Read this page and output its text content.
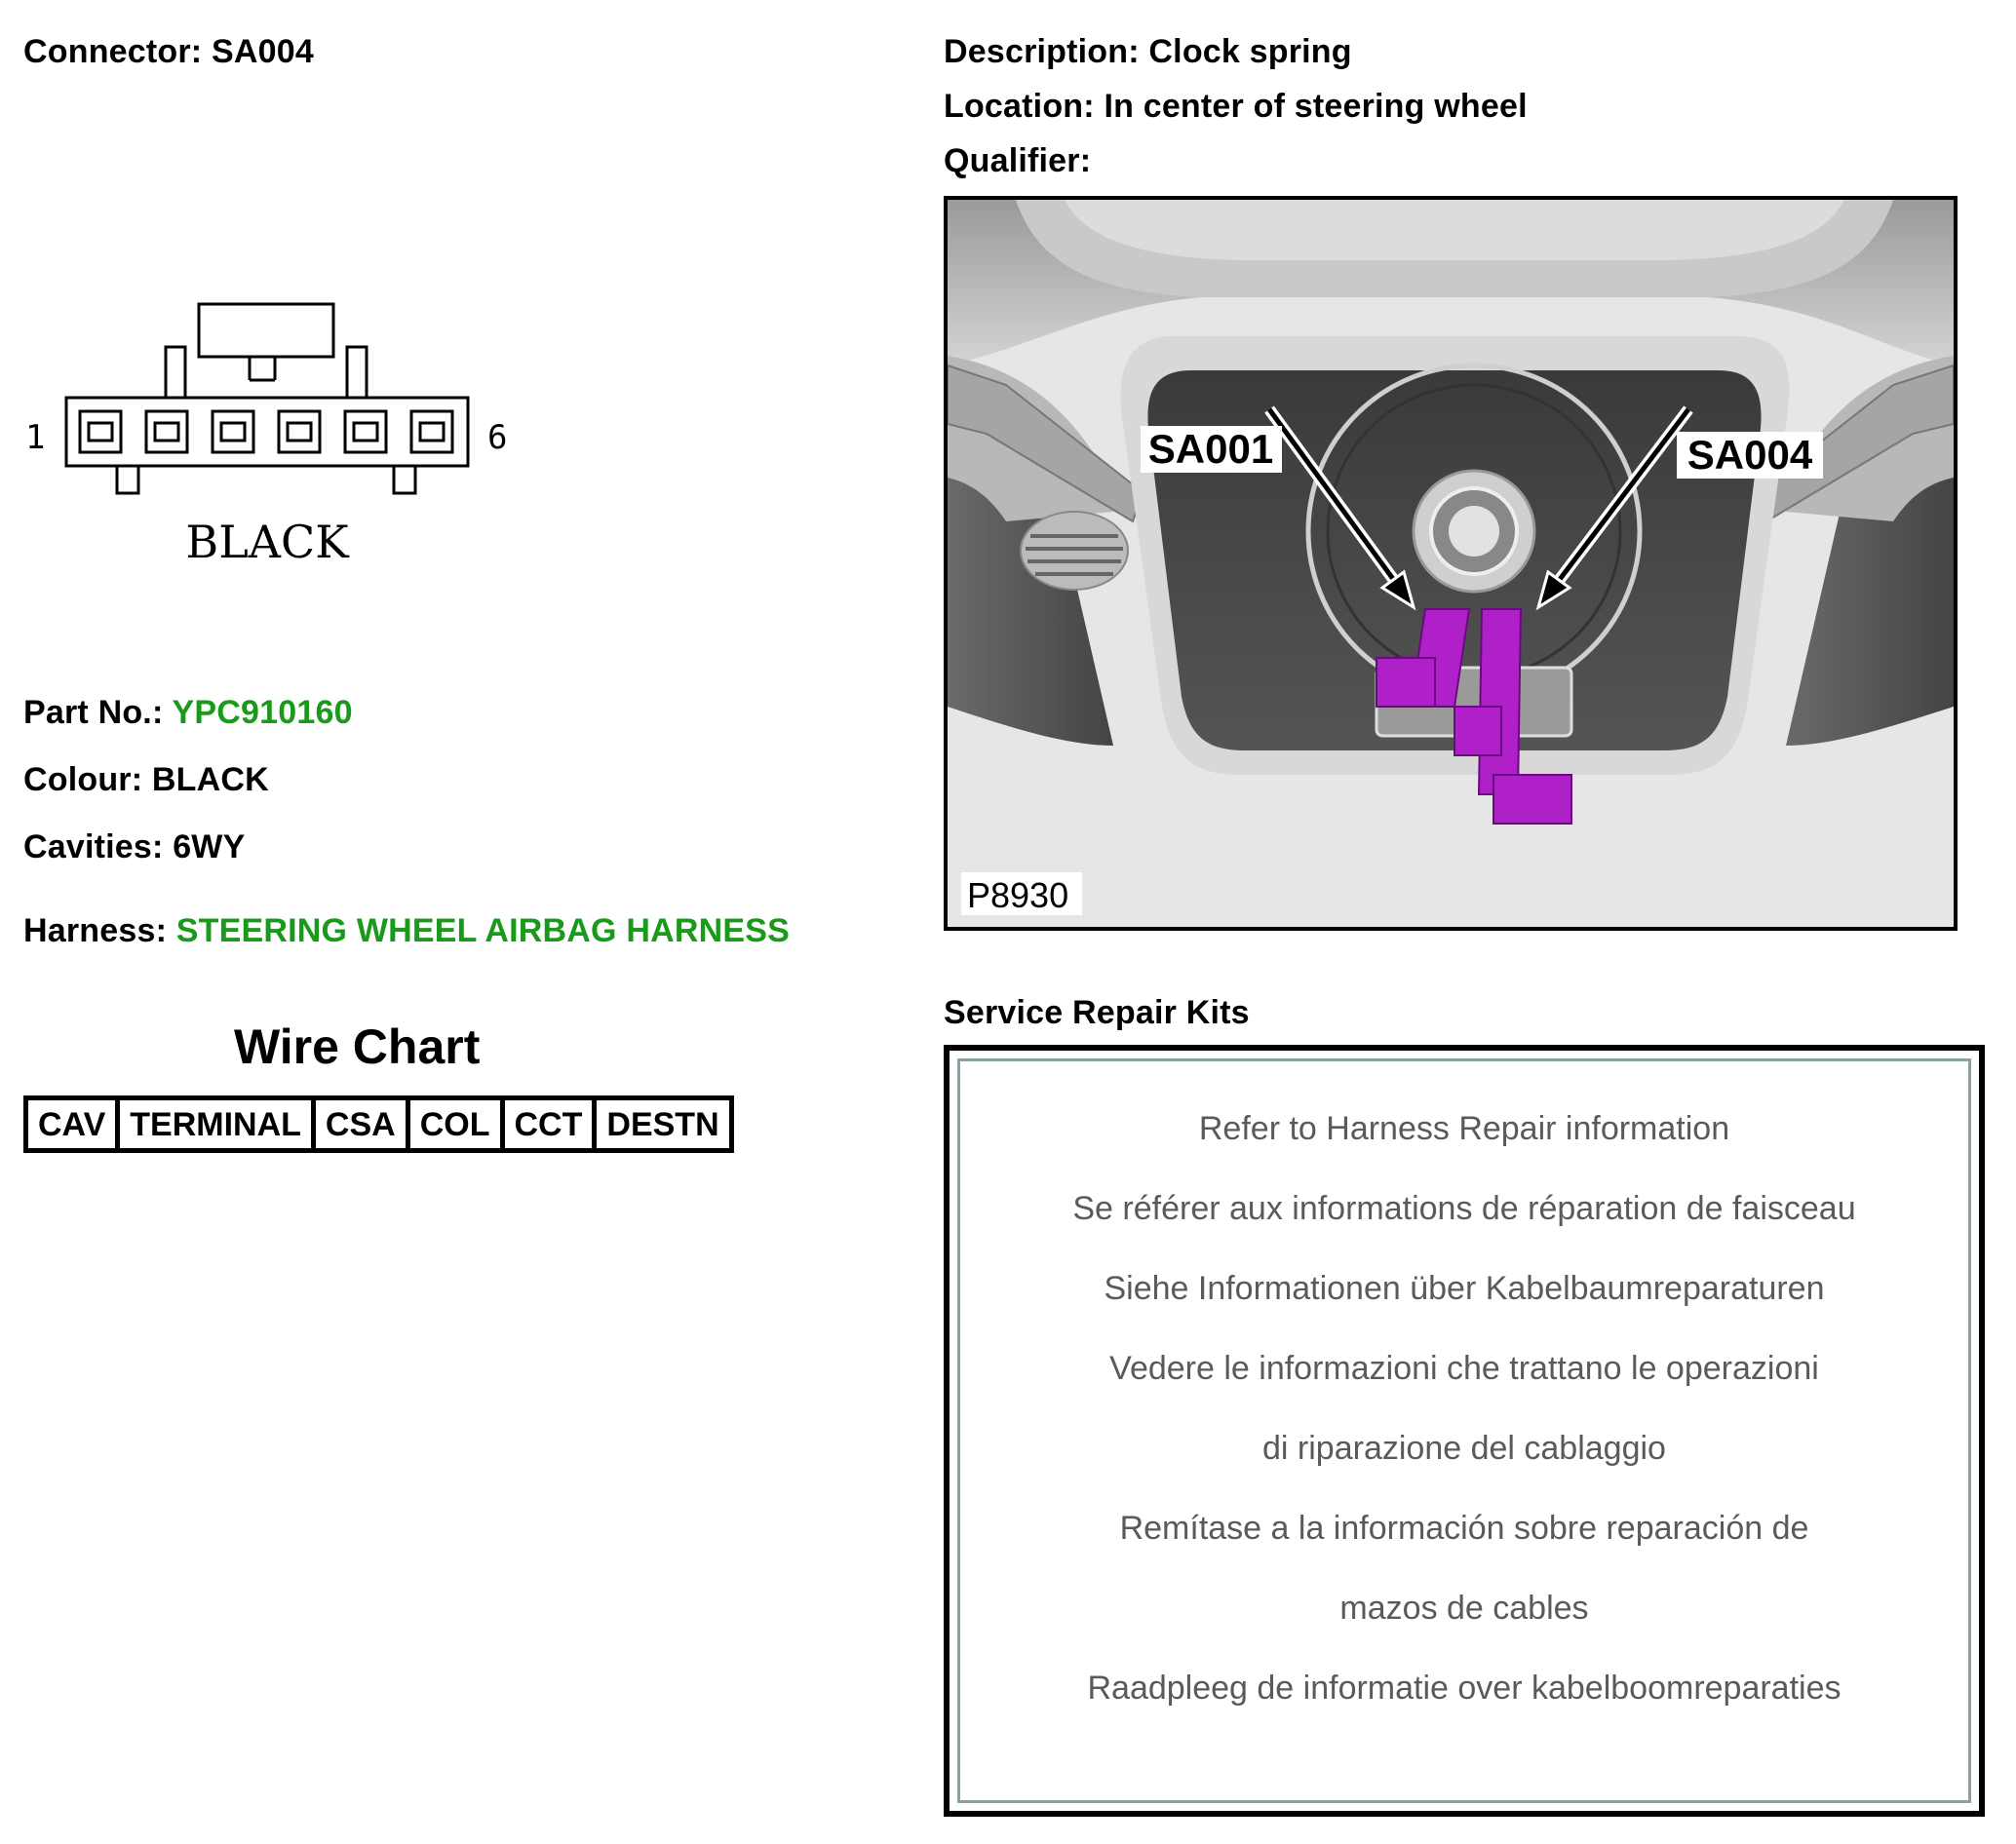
Connector: SA004
1	6
BLACK
Part No.: YPC910160
Colour: BLACK
Cavities: 6WY
Harness: STEERING WHEEL AIRBAG HARNESS
Wire Chart
CAV	TERMINAL	CSA	COL	CCT	DESTN
Description: Clock spring
Location: In center of steering wheel
Qualifier:
SA001	SA004
P8930
Service Repair Kits
Refer to Harness Repair information
Se référer aux informations de réparation de faisceau
Siehe Informationen über Kabelbaumreparaturen
Vedere le informazioni che trattano le operazioni
di riparazione del cablaggio
Remítase a la información sobre reparación de
mazos de cables
Raadpleeg de informatie over kabelboomreparaties
